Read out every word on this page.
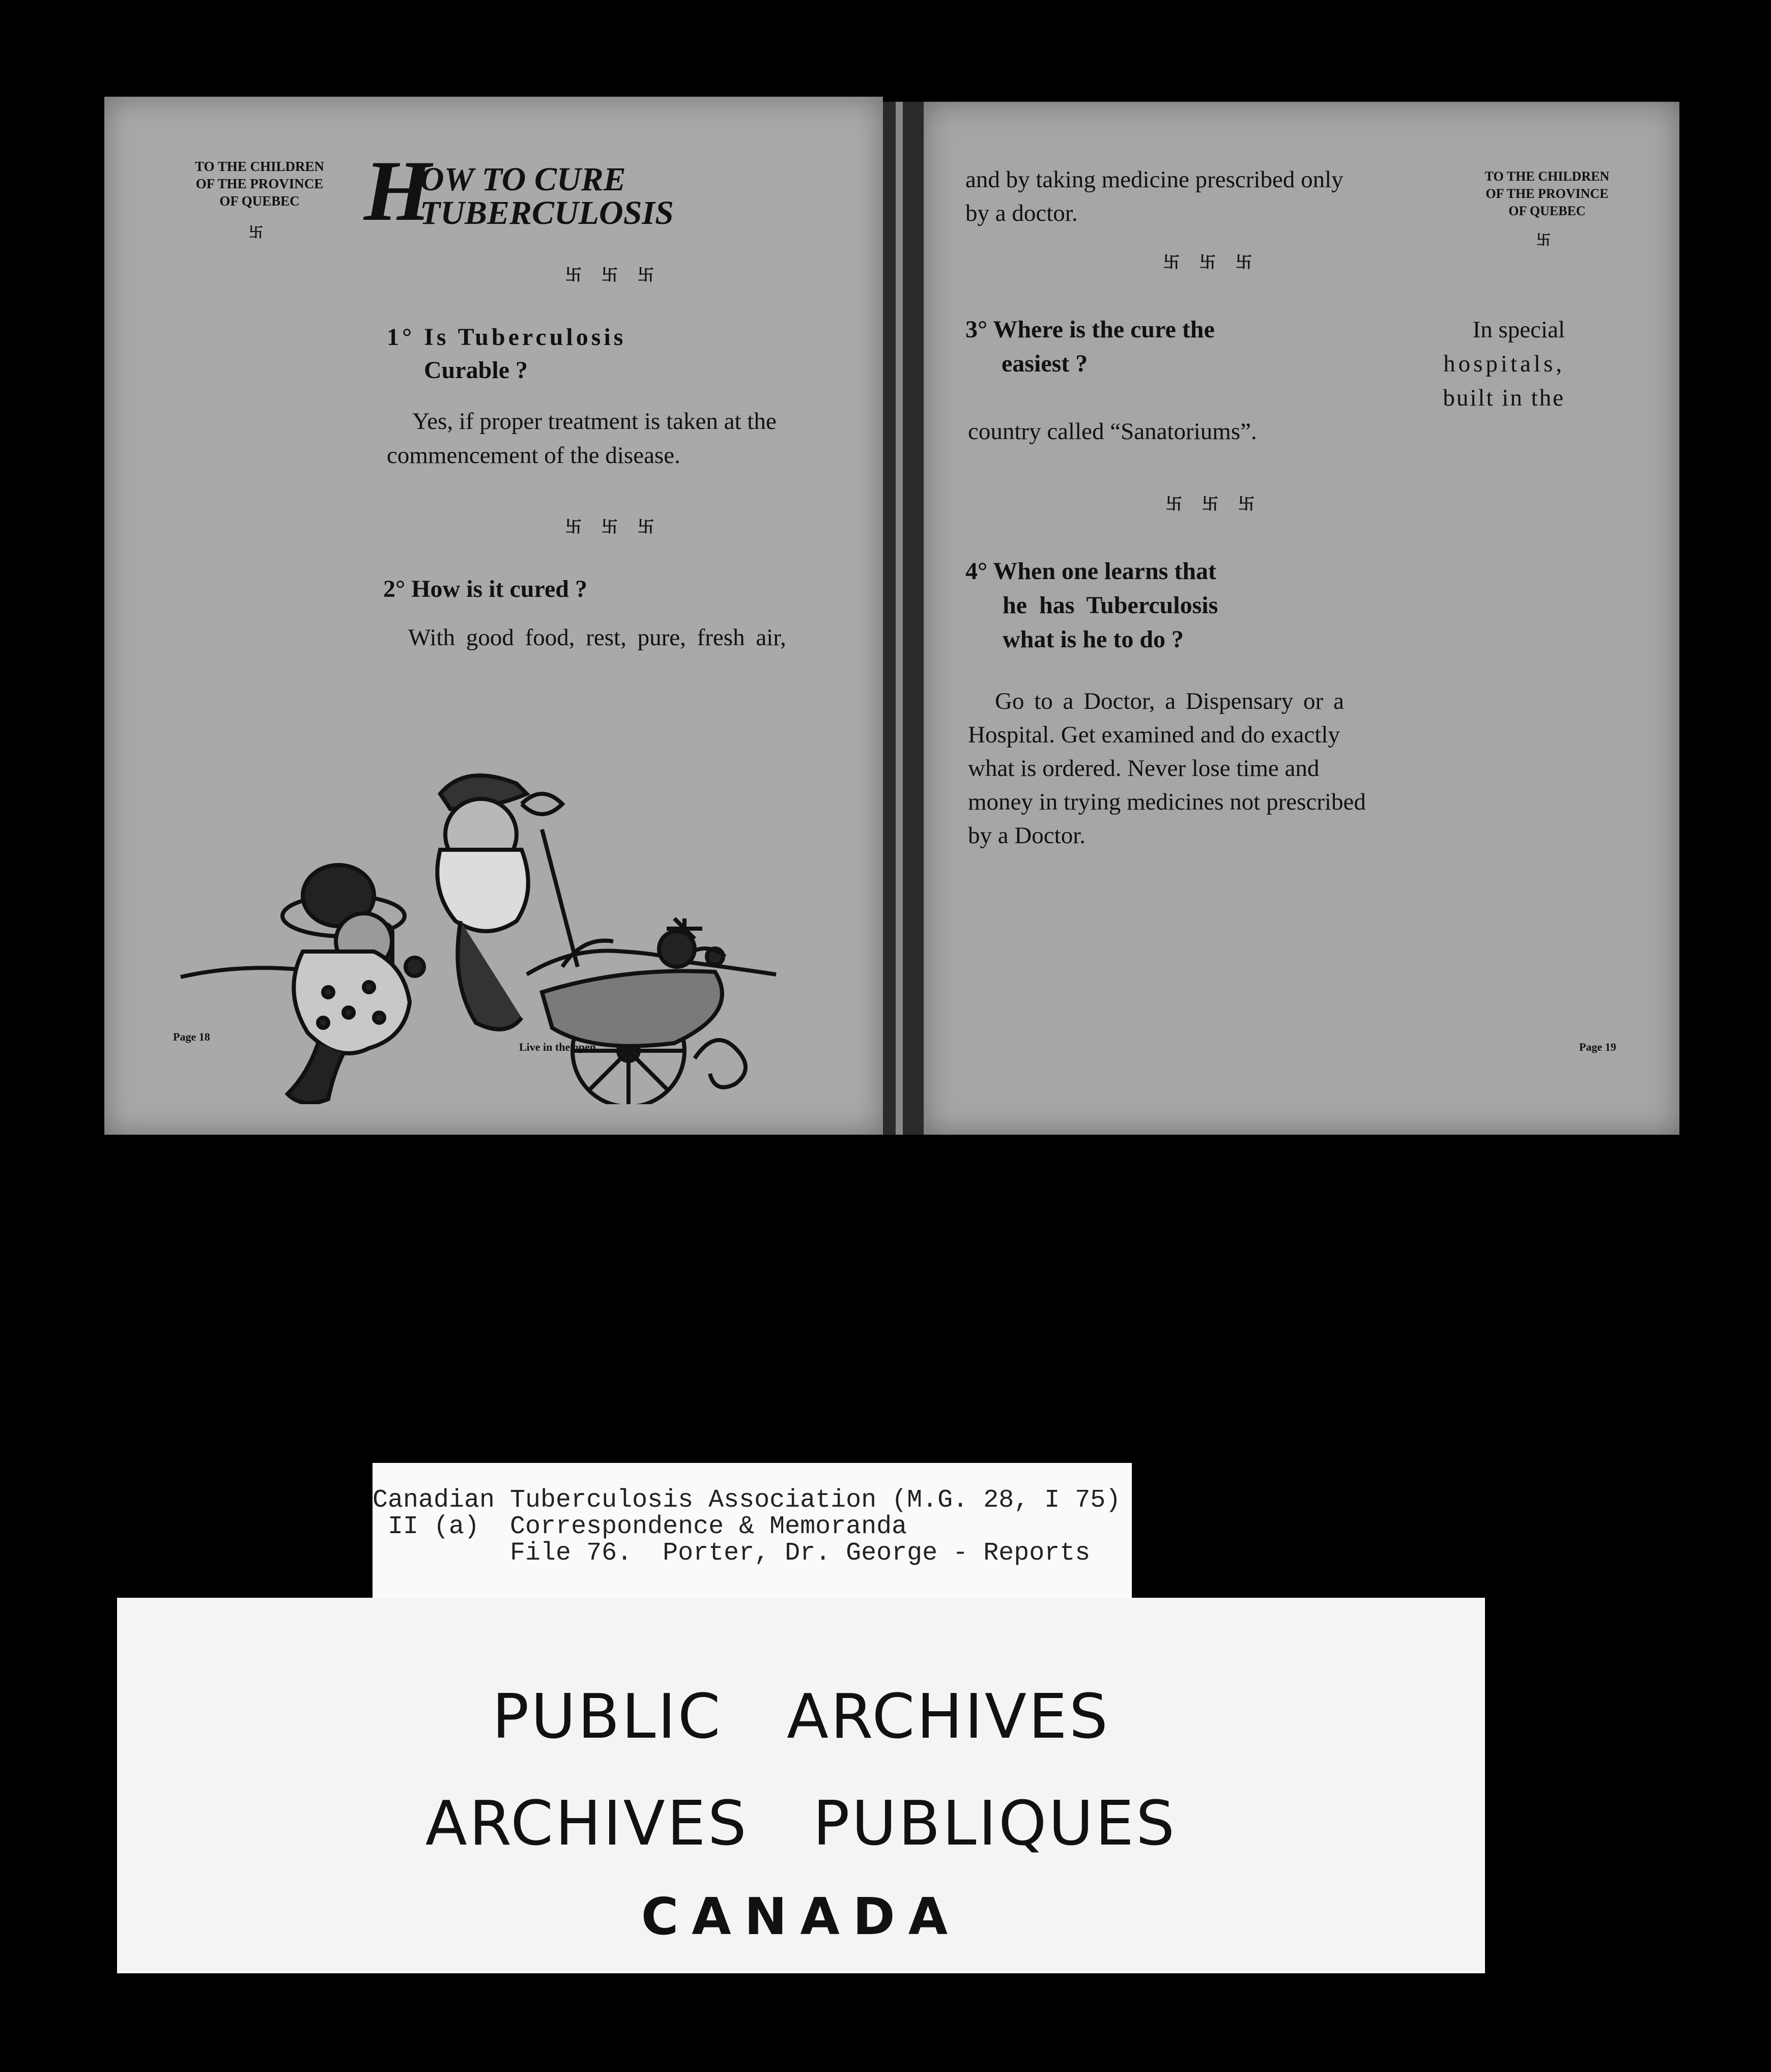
TO THE CHILDREN
OF THE PROVINCE
OF QUEBEC
卐 H
OW TO CURE
TUBERCULOSIS
卐 卐 卐
1° Is Tuberculosis
Curable ?
Yes, if proper treatment is taken at the
commencement of the disease.
卐 卐 卐
2° How is it cured ?
With good food, rest, pure, fresh air,
Page 18
Live in the open
and by taking medicine prescribed only
by a doctor.
TO THE CHILDREN
OF THE PROVINCE
OF QUEBEC
卐
卐 卐 卐
3° Where is the cure the
easiest ?
In special
hospitals,
built in the
country called “Sanatoriums”.
卐 卐 卐
4° When one learns that
he has Tuberculosis
what is he to do ?
Go to a Doctor, a Dispensary or a
Hospital. Get examined and do exactly
what is ordered. Never lose time and
money in trying medicines not prescribed
by a Doctor.
Page 19
Canadian Tuberculosis Association (M.G. 28, I 75)
II (a)  Correspondence & Memoranda
File 76.  Porter, Dr. George - Reports
PUBLIC   ARCHIVES
ARCHIVES   PUBLIQUES
CANADA
